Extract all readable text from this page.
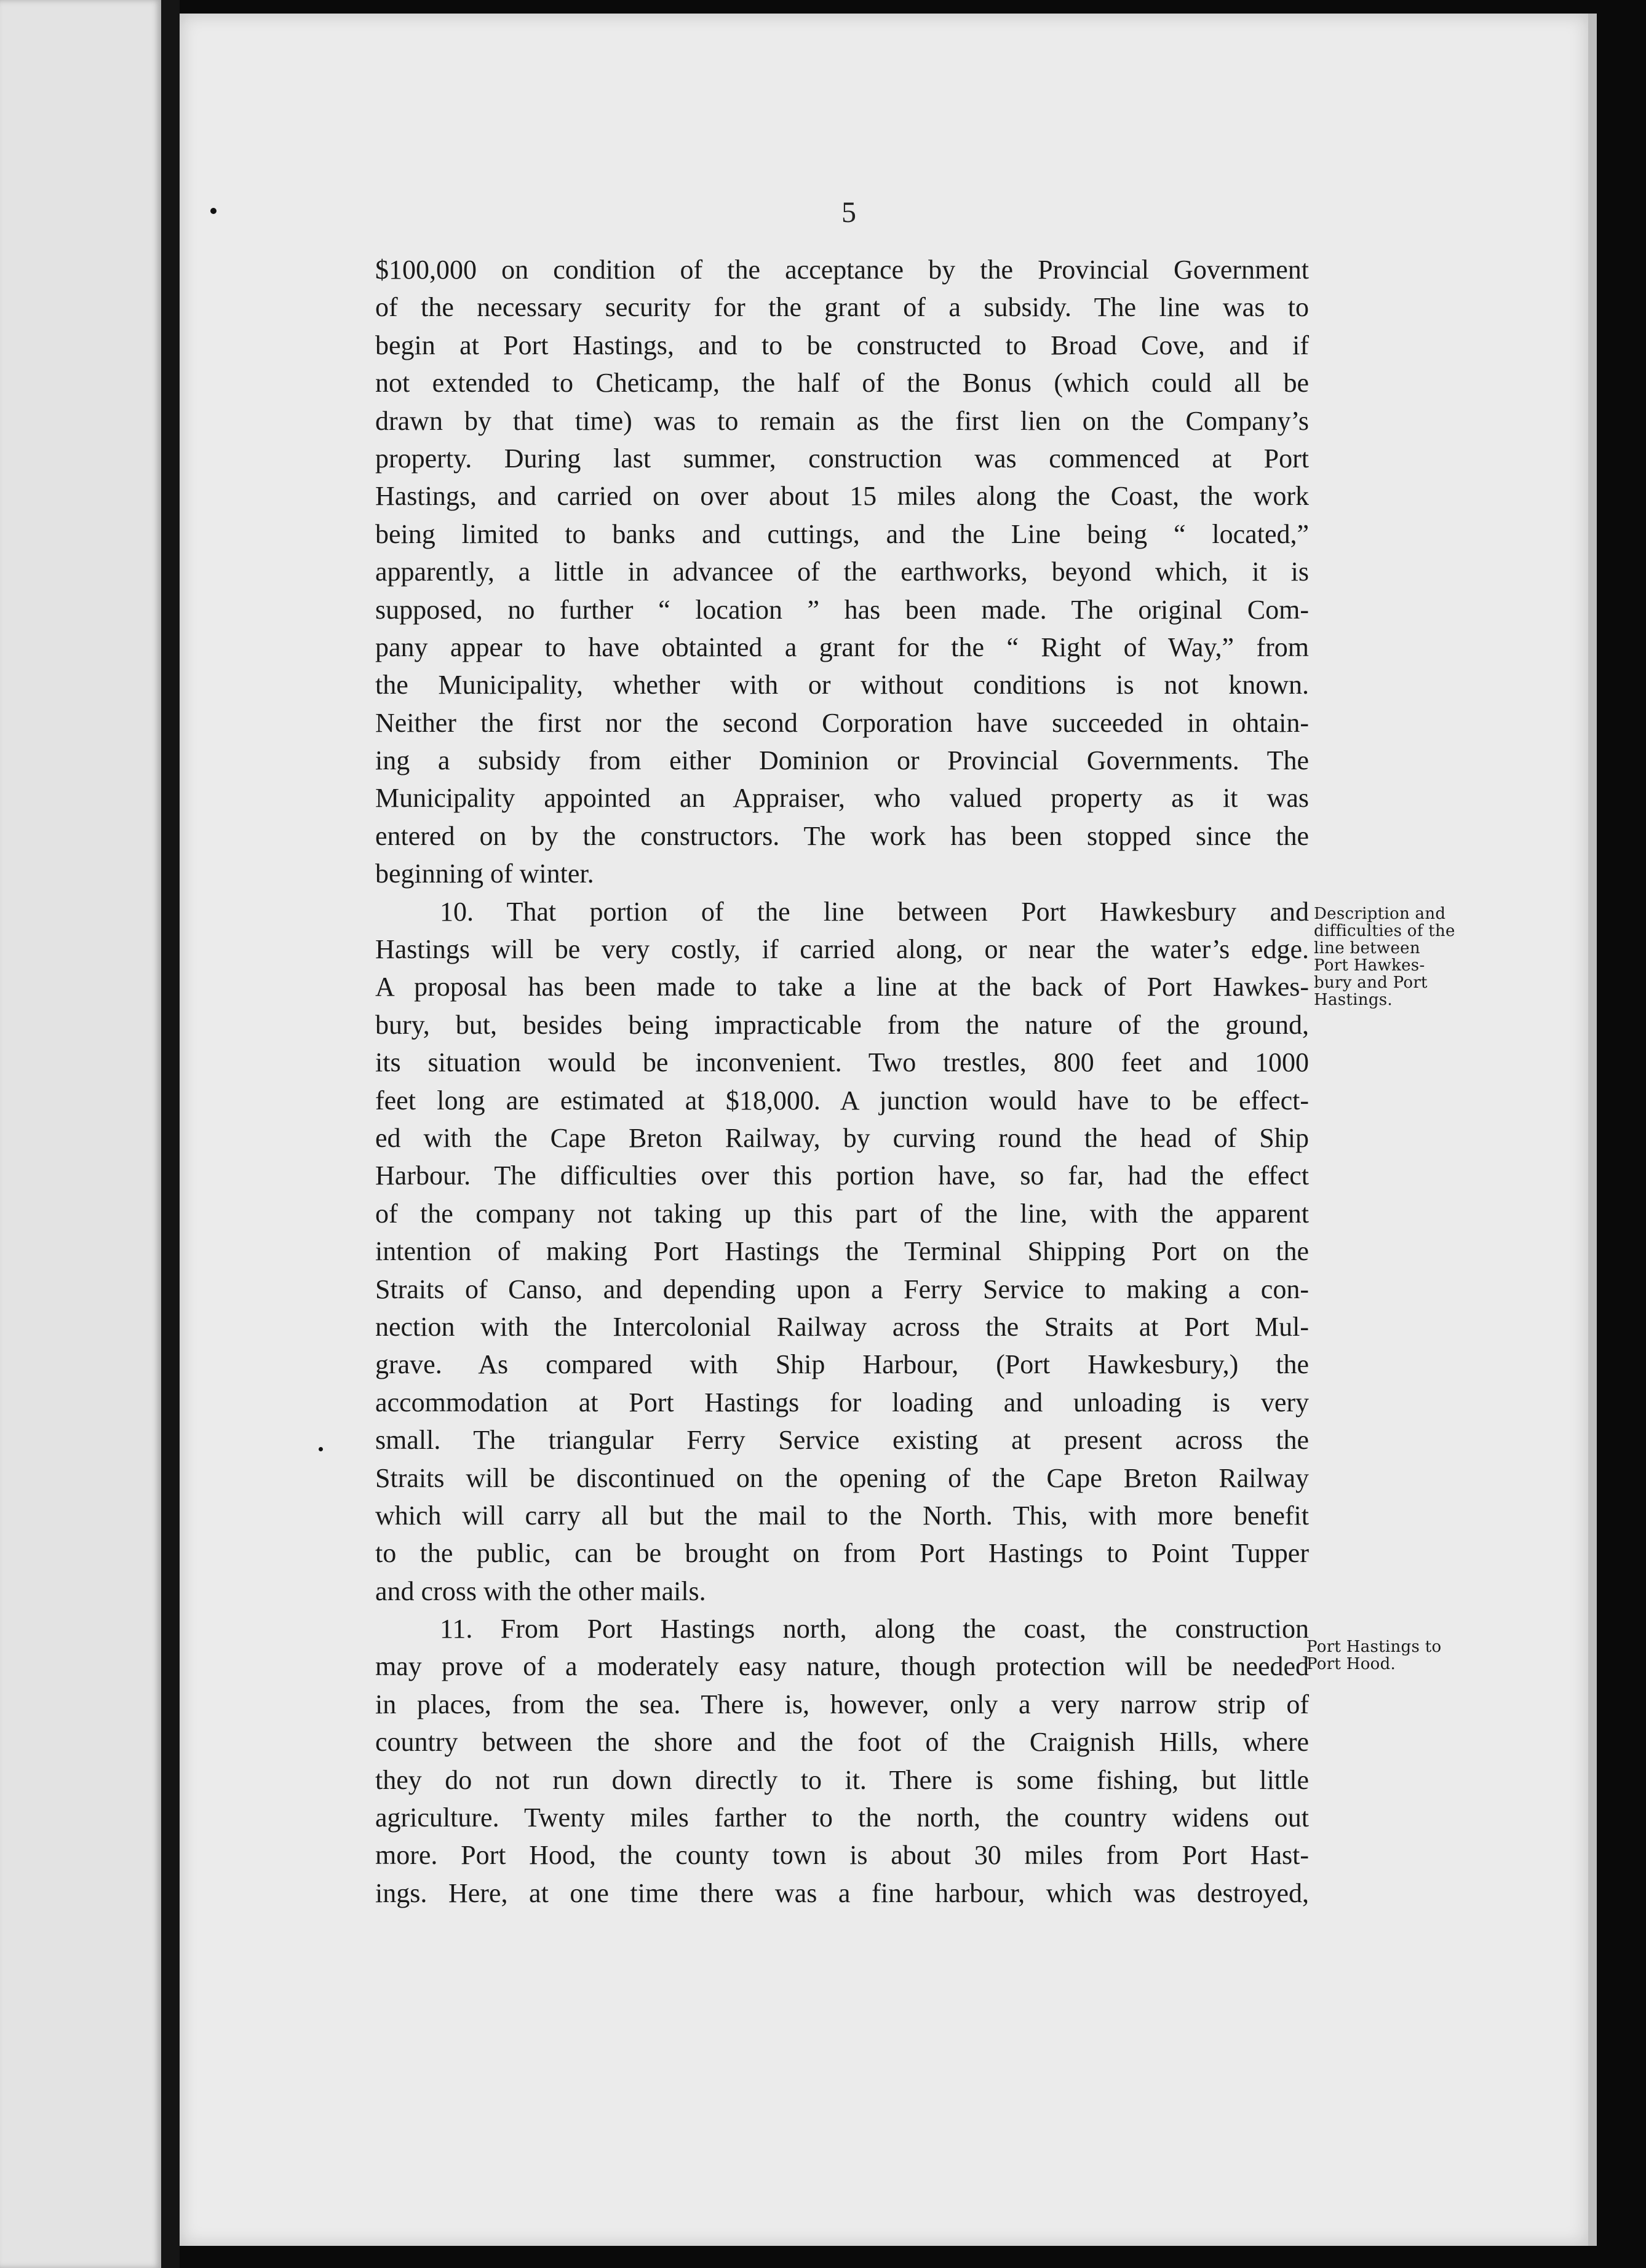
5
$100,000 on condition of the acceptance by the Provincial Government
of the necessary security for the grant of a subsidy. The line was to
begin at Port Hastings, and to be constructed to Broad Cove, and if
not extended to Cheticamp, the half of the Bonus (which could all be
drawn by that time) was to remain as the first lien on the Company’s
property. During last summer, construction was commenced at Port
Hastings, and carried on over about 15 miles along the Coast, the work
being limited to banks and cuttings, and the Line being “ located,”
apparently, a little in advancee of the earthworks, beyond which, it is
supposed, no further “ location ” has been made. The original Com-
pany appear to have obtainted a grant for the “ Right of Way,” from
the Municipality, whether with or without conditions is not known.
Neither the first nor the second Corporation have succeeded in ohtain-
ing a subsidy from either Dominion or Provincial Governments. The
Municipality appointed an Appraiser, who valued property as it was
entered on by the constructors. The work has been stopped since the
beginning of winter.
10. That portion of the line between Port Hawkesbury and
Hastings will be very costly, if carried along, or near the water’s edge.
A proposal has been made to take a line at the back of Port Hawkes-
bury, but, besides being impracticable from the nature of the ground,
its situation would be inconvenient. Two trestles, 800 feet and 1000
feet long are estimated at $18,000. A junction would have to be effect-
ed with the Cape Breton Railway, by curving round the head of Ship
Harbour. The difficulties over this portion have, so far, had the effect
of the company not taking up this part of the line, with the apparent
intention of making Port Hastings the Terminal Shipping Port on the
Straits of Canso, and depending upon a Ferry Service to making a con-
nection with the Intercolonial Railway across the Straits at Port Mul-
grave. As compared with Ship Harbour, (Port Hawkesbury,) the
accommodation at Port Hastings for loading and unloading is very
small. The triangular Ferry Service existing at present across the
Straits will be discontinued on the opening of the Cape Breton Railway
which will carry all but the mail to the North. This, with more benefit
to the public, can be brought on from Port Hastings to Point Tupper
and cross with the other mails.
11. From Port Hastings north, along the coast, the construction
may prove of a moderately easy nature, though protection will be needed
in places, from the sea. There is, however, only a very narrow strip of
country between the shore and the foot of the Craignish Hills, where
they do not run down directly to it. There is some fishing, but little
agriculture. Twenty miles farther to the north, the country widens out
more. Port Hood, the county town is about 30 miles from Port Hast-
ings. Here, at one time there was a fine harbour, which was destroyed,
Description and
difficulties of the
line between
Port Hawkes-
bury and Port
Hastings.
Port Hastings to
Port Hood.
